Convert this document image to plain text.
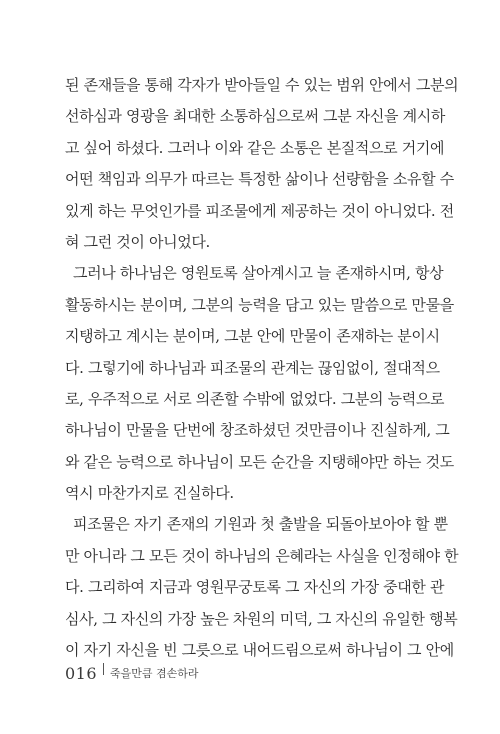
된 존재들을 통해 각자가 받아들일 수 있는 범위 안에서 그분의
선하심과 영광을 최대한 소통하심으로써 그분 자신을 계시하
고 싶어 하셨다. 그러나 이와 같은 소통은 본질적으로 거기에
어떤 책임과 의무가 따르는 특정한 삶이나 선량함을 소유할 수
있게 하는 무엇인가를 피조물에게 제공하는 것이 아니었다. 전
혀 그런 것이 아니었다.
그러나 하나님은 영원토록 살아계시고 늘 존재하시며, 항상
활동하시는 분이며, 그분의 능력을 담고 있는 말씀으로 만물을
지탱하고 계시는 분이며, 그분 안에 만물이 존재하는 분이시
다. 그렇기에 하나님과 피조물의 관계는 끊임없이, 절대적으
로, 우주적으로 서로 의존할 수밖에 없었다. 그분의 능력으로
하나님이 만물을 단번에 창조하셨던 것만큼이나 진실하게, 그
와 같은 능력으로 하나님이 모든 순간을 지탱해야만 하는 것도
역시 마찬가지로 진실하다.
피조물은 자기 존재의 기원과 첫 출발을 되돌아보아야 할 뿐
만 아니라 그 모든 것이 하나님의 은혜라는 사실을 인정해야 한
다. 그리하여 지금과 영원무궁토록 그 자신의 가장 중대한 관
심사, 그 자신의 가장 높은 차원의 미덕, 그 자신의 유일한 행복
이 자기 자신을 빈 그릇으로 내어드림으로써 하나님이 그 안에
016 죽을만큼 겸손하라
